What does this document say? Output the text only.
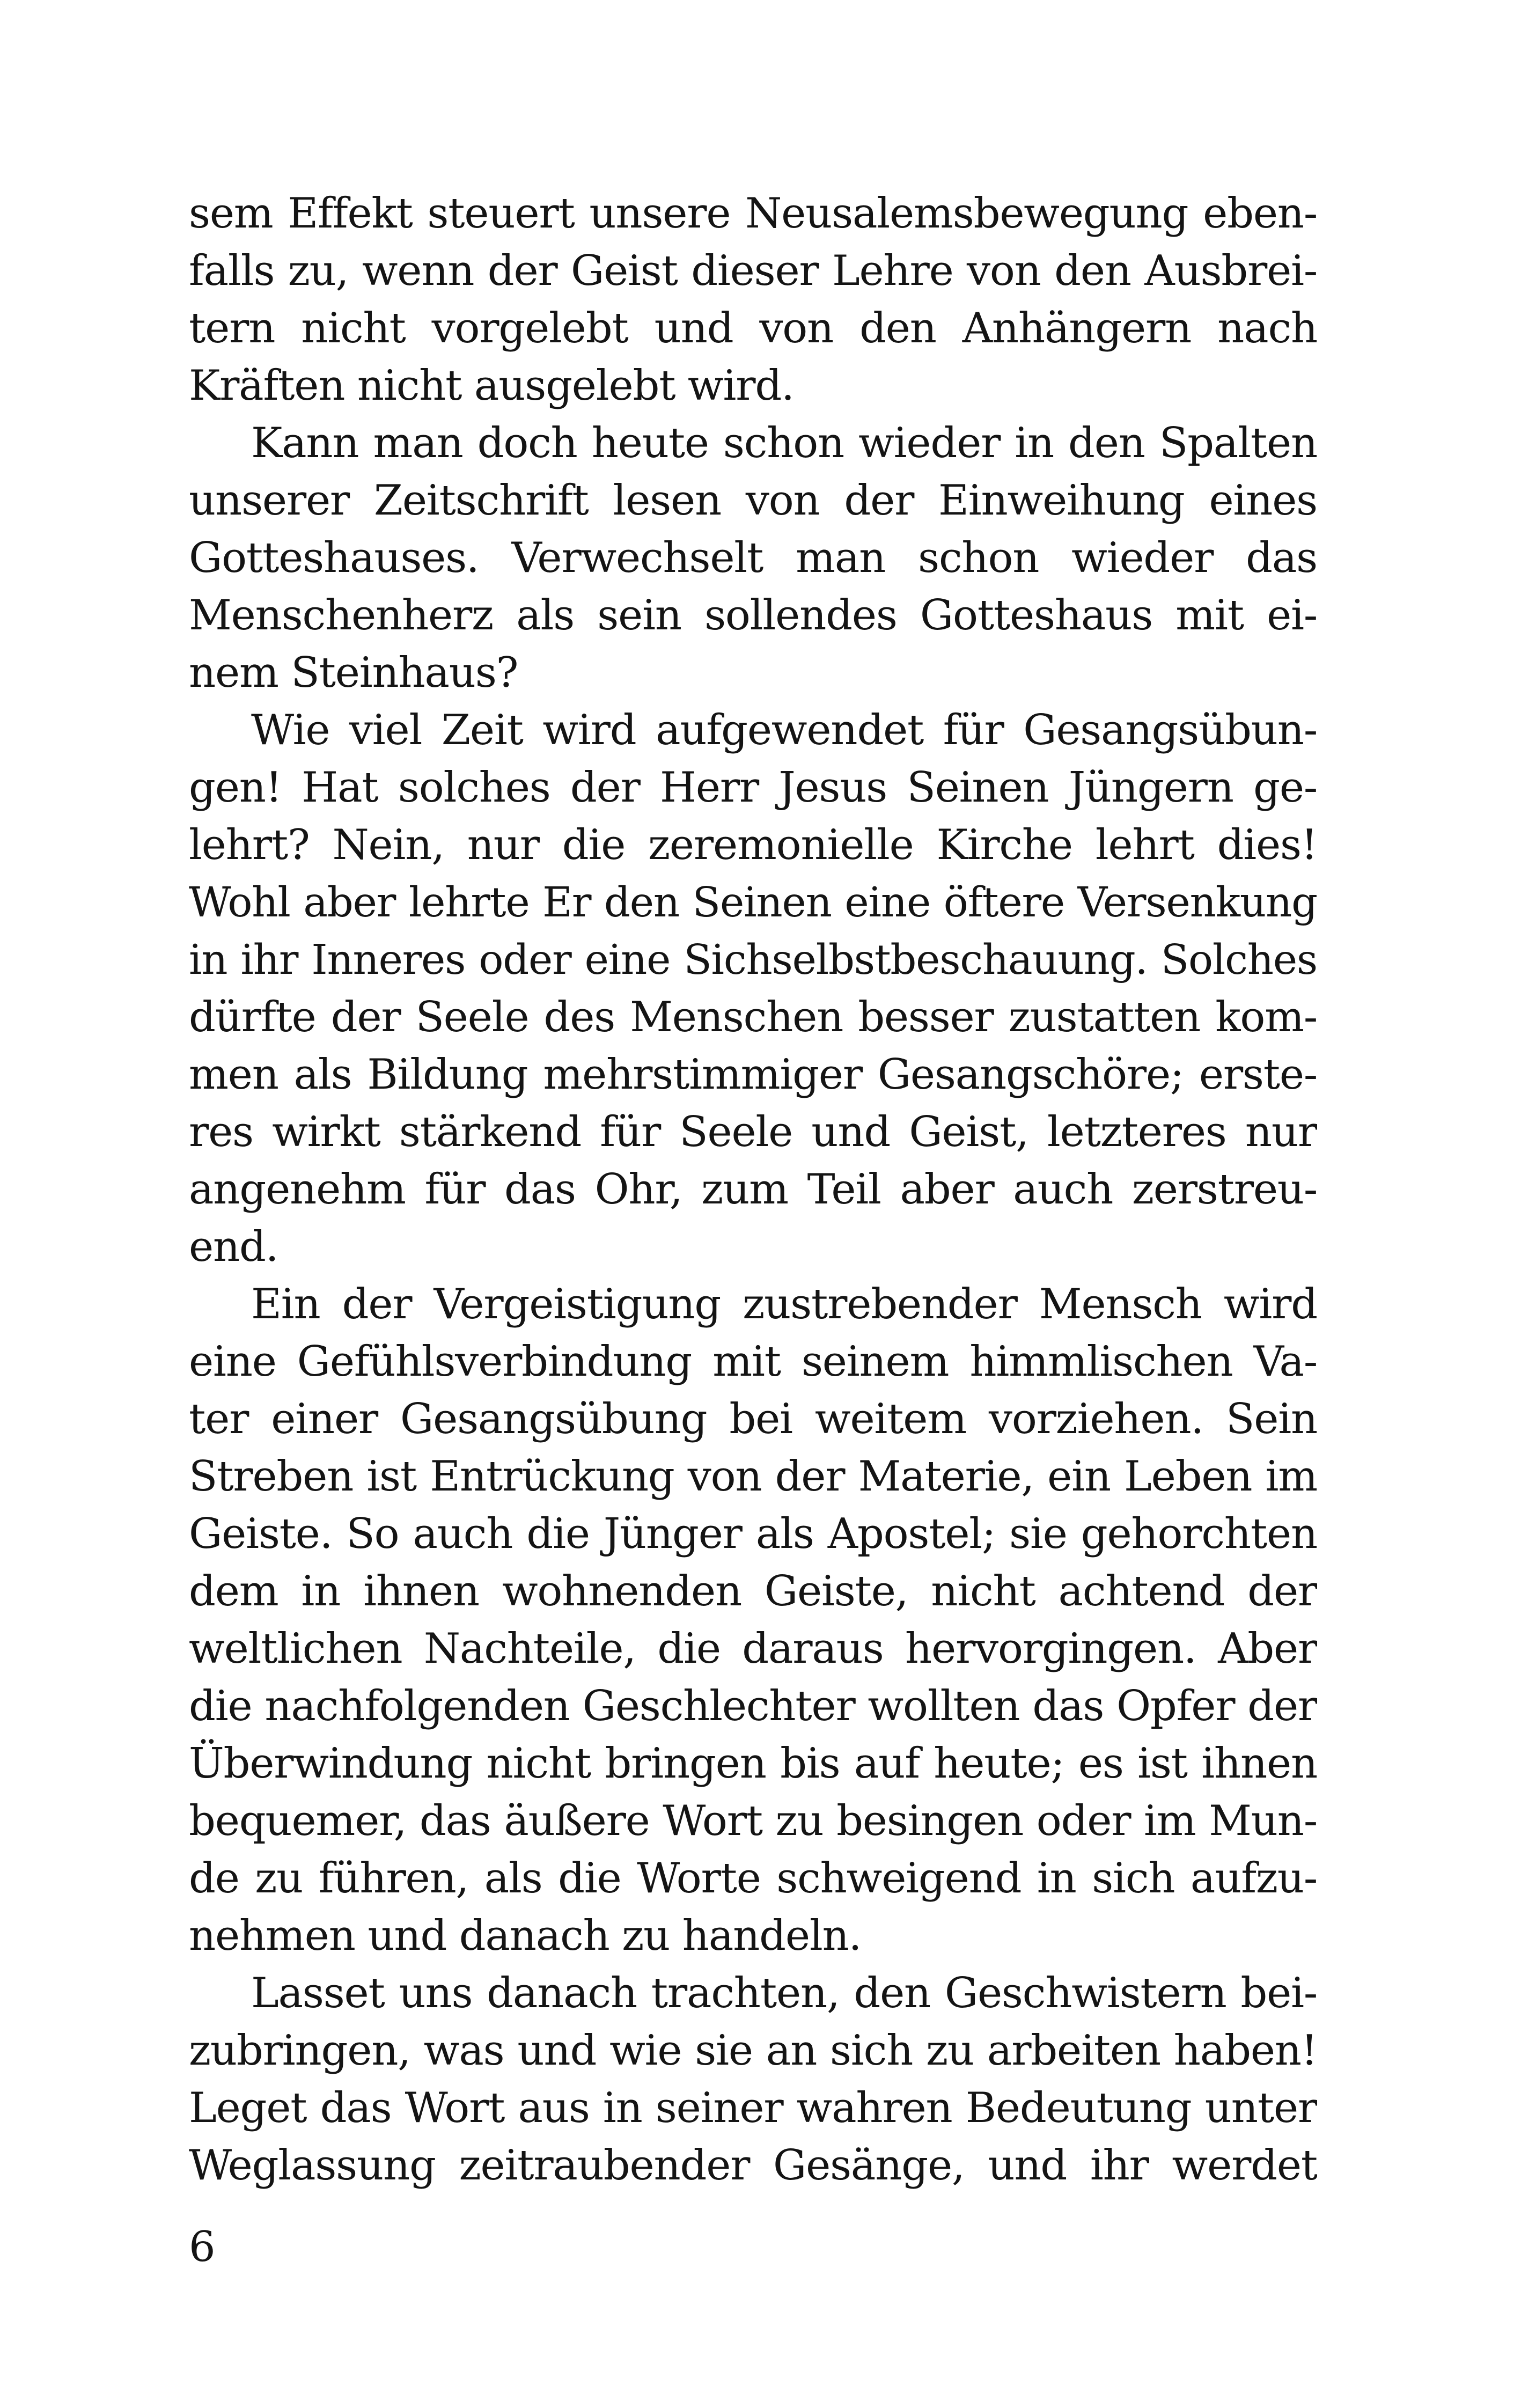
sem Effekt steuert unsere Neusalemsbewegung eben-
falls zu, wenn der Geist dieser Lehre von den Ausbrei-
tern nicht vorgelebt und von den Anhängern nach
Kräften nicht ausgelebt wird.
Kann man doch heute schon wieder in den Spalten
unserer Zeitschrift lesen von der Einweihung eines
Gotteshauses. Verwechselt man schon wieder das
Menschenherz als sein sollendes Gotteshaus mit ei-
nem Steinhaus?
Wie viel Zeit wird aufgewendet für Gesangsübun-
gen! Hat solches der Herr Jesus Seinen Jüngern ge-
lehrt? Nein, nur die zeremonielle Kirche lehrt dies!
Wohl aber lehrte Er den Seinen eine öftere Versenkung
in ihr Inneres oder eine Sichselbstbeschauung. Solches
dürfte der Seele des Menschen besser zustatten kom-
men als Bildung mehrstimmiger Gesangschöre; erste-
res wirkt stärkend für Seele und Geist, letzteres nur
angenehm für das Ohr, zum Teil aber auch zerstreu-
end.
Ein der Vergeistigung zustrebender Mensch wird
eine Gefühlsverbindung mit seinem himmlischen Va-
ter einer Gesangsübung bei weitem vorziehen. Sein
Streben ist Entrückung von der Materie, ein Leben im
Geiste. So auch die Jünger als Apostel; sie gehorchten
dem in ihnen wohnenden Geiste, nicht achtend der
weltlichen Nachteile, die daraus hervorgingen. Aber
die nachfolgenden Geschlechter wollten das Opfer der
Überwindung nicht bringen bis auf heute; es ist ihnen
bequemer, das äußere Wort zu besingen oder im Mun-
de zu führen, als die Worte schweigend in sich aufzu-
nehmen und danach zu handeln.
Lasset uns danach trachten, den Geschwistern bei-
zubringen, was und wie sie an sich zu arbeiten haben!
Leget das Wort aus in seiner wahren Bedeutung unter
Weglassung zeitraubender Gesänge, und ihr werdet
6
